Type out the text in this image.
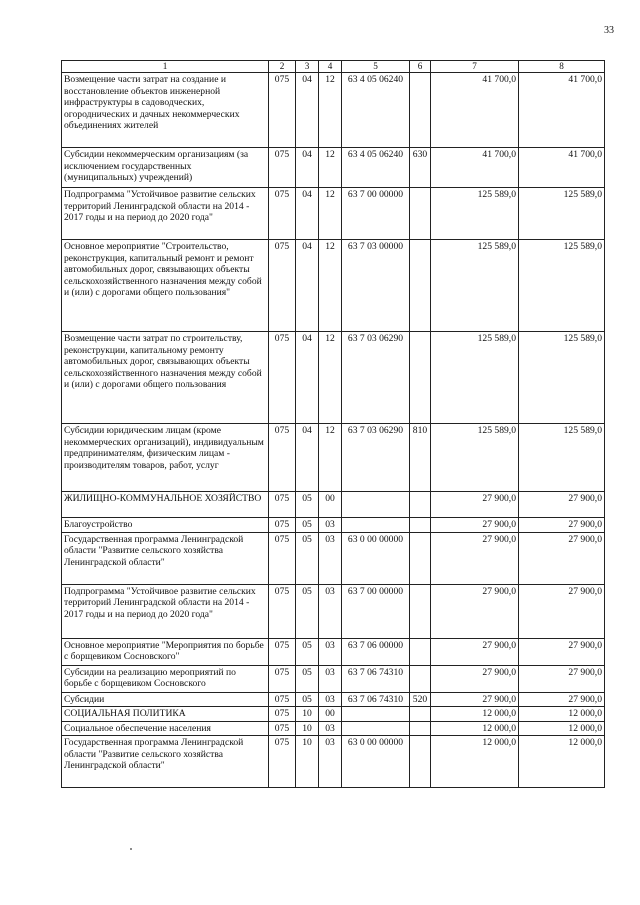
33
1	2	3	4	5	6	7	8
Возмещение части затрат на создание и восстановление объектов инженерной инфраструктуры в садоводческих, огороднических и дачных некоммерческих объединениях жителей	075	04	12	63 4 05 06240		41 700,0	41 700,0
Субсидии некоммерческим организациям (за исключением государственных (муниципальных) учреждений)	075	04	12	63 4 05 06240	630	41 700,0	41 700,0
Подпрограмма "Устойчивое развитие сельских территорий Ленинградской области на 2014 - 2017 годы и на период до 2020 года"	075	04	12	63 7 00 00000		125 589,0	125 589,0
Основное мероприятие "Строительство, реконструкция, капитальный ремонт и ремонт автомобильных дорог, связывающих объекты сельскохозяйственного назначения между собой и (или) с дорогами общего пользования"	075	04	12	63 7 03 00000		125 589,0	125 589,0
Возмещение части затрат по строительству, реконструкции, капитальному ремонту автомобильных дорог, связывающих объекты сельскохозяйственного назначения между собой и (или) с дорогами общего пользования	075	04	12	63 7 03 06290		125 589,0	125 589,0
Субсидии юридическим лицам (кроме некоммерческих организаций), индивидуальным предпринимателям, физическим лицам - производителям товаров, работ, услуг	075	04	12	63 7 03 06290	810	125 589,0	125 589,0
ЖИЛИЩНО-КОММУНАЛЬНОЕ ХОЗЯЙСТВО	075	05	00			27 900,0	27 900,0
Благоустройство	075	05	03			27 900,0	27 900,0
Государственная программа Ленинградской области "Развитие сельского хозяйства Ленинградской области"	075	05	03	63 0 00 00000		27 900,0	27 900,0
Подпрограмма "Устойчивое развитие сельских территорий Ленинградской области на 2014 - 2017 годы и на период до 2020 года"	075	05	03	63 7 00 00000		27 900,0	27 900,0
Основное мероприятие "Мероприятия по борьбе с борщевиком Сосновского"	075	05	03	63 7 06 00000		27 900,0	27 900,0
Субсидии на реализацию мероприятий по борьбе с борщевиком Сосновского	075	05	03	63 7 06 74310		27 900,0	27 900,0
Субсидии	075	05	03	63 7 06 74310	520	27 900,0	27 900,0
СОЦИАЛЬНАЯ ПОЛИТИКА	075	10	00			12 000,0	12 000,0
Социальное обеспечение населения	075	10	03			12 000,0	12 000,0
Государственная программа Ленинградской области "Развитие сельского хозяйства Ленинградской области"	075	10	03	63 0 00 00000		12 000,0	12 000,0
